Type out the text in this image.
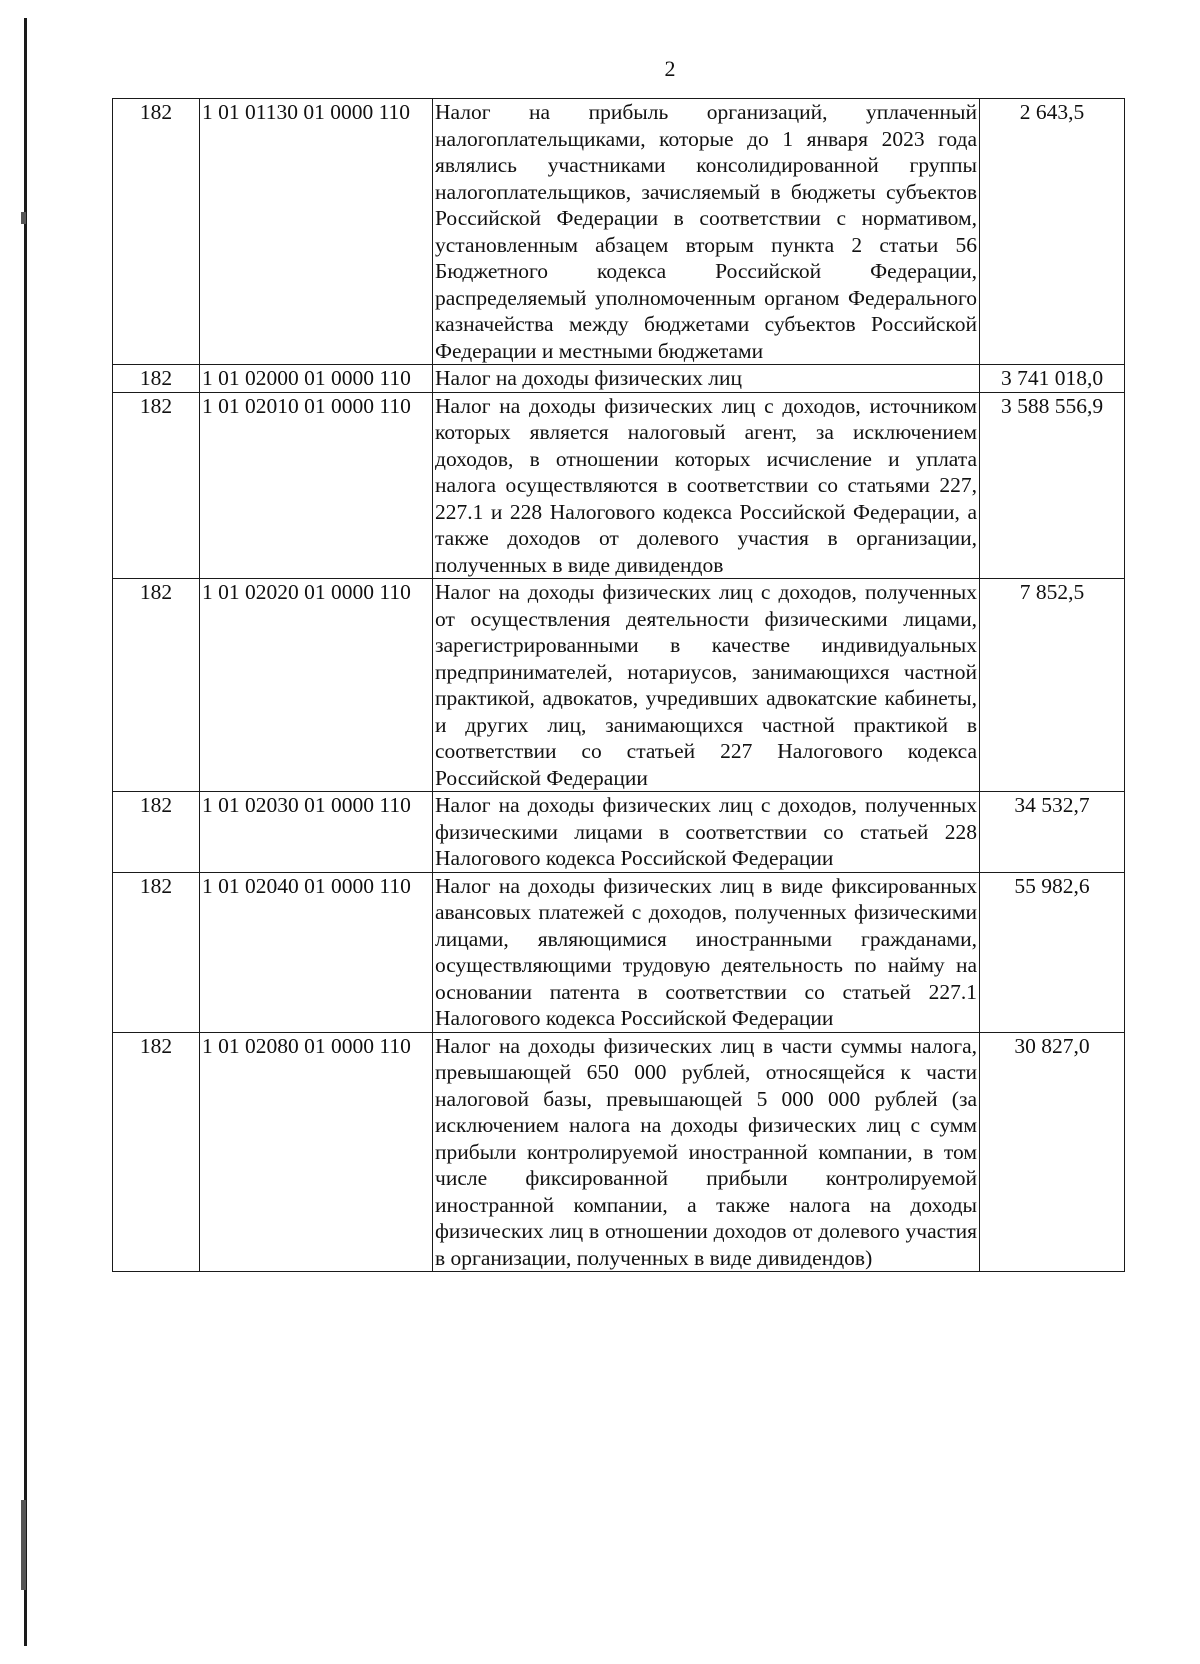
2
182	1 01 01130 01 0000 110	Налог на прибыль организаций, уплаченный налогоплательщиками, которые до 1 января 2023 года являлись участниками консолидированной группы налогоплательщиков, зачисляемый в бюджеты субъектов Российской Федерации в соответствии с нормативом, установленным абзацем вторым пункта 2 статьи 56 Бюджетного кодекса Российской Федерации, распределяемый уполномоченным органом Федерального казначейства между бюджетами субъектов Российской Федерации и местными бюджетами	2 643,5
182	1 01 02000 01 0000 110	Налог на доходы физических лиц	3 741 018,0
182	1 01 02010 01 0000 110	Налог на доходы физических лиц с доходов, источником которых является налоговый агент, за исключением доходов, в отношении которых исчисление и уплата налога осуществляются в соответствии со статьями 227, 227.1 и 228 Налогового кодекса Российской Федерации, а также доходов от долевого участия в организации, полученных в виде дивидендов	3 588 556,9
182	1 01 02020 01 0000 110	Налог на доходы физических лиц с доходов, полученных от осуществления деятельности физическими лицами, зарегистрированными в качестве индивидуальных предпринимателей, нотариусов, занимающихся частной практикой, адвокатов, учредивших адвокатские кабинеты, и других лиц, занимающихся частной практикой в соответствии со статьей 227 Налогового кодекса Российской Федерации	7 852,5
182	1 01 02030 01 0000 110	Налог на доходы физических лиц с доходов, полученных физическими лицами в соответствии со статьей 228 Налогового кодекса Российской Федерации	34 532,7
182	1 01 02040 01 0000 110	Налог на доходы физических лиц в виде фиксированных авансовых платежей с доходов, полученных физическими лицами, являющимися иностранными гражданами, осуществляющими трудовую деятельность по найму на основании патента в соответствии со статьей 227.1 Налогового кодекса Российской Федерации	55 982,6
182	1 01 02080 01 0000 110	Налог на доходы физических лиц в части суммы налога, превышающей 650 000 рублей, относящейся к части налоговой базы, превышающей 5 000 000 рублей (за исключением налога на доходы физических лиц с сумм прибыли контролируемой иностранной компании, в том числе фиксированной прибыли контролируемой иностранной компании, а также налога на доходы физических лиц в отношении доходов от долевого участия в организации, полученных в виде дивидендов)	30 827,0
